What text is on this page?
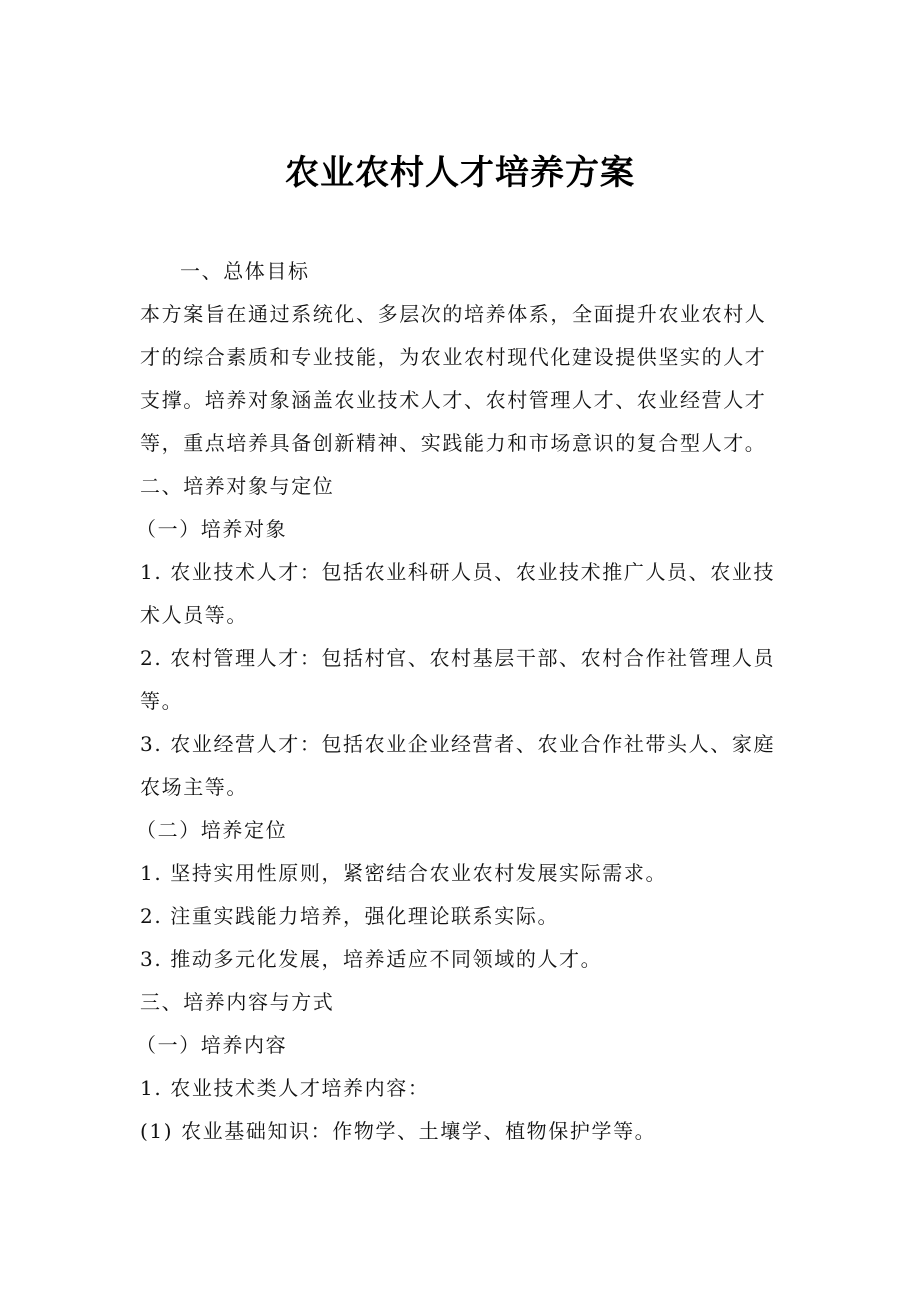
农业农村人才培养方案
一、总体目标
本方案旨在通过系统化、多层次的培养体系，全面提升农业农村人
才的综合素质和专业技能，为农业农村现代化建设提供坚实的人才
支撑。培养对象涵盖农业技术人才、农村管理人才、农业经营人才
等，重点培养具备创新精神、实践能力和市场意识的复合型人才。
二、培养对象与定位
（一）培养对象
1. 农业技术人才：包括农业科研人员、农业技术推广人员、农业技
术人员等。
2. 农村管理人才：包括村官、农村基层干部、农村合作社管理人员
等。
3. 农业经营人才：包括农业企业经营者、农业合作社带头人、家庭
农场主等。
（二）培养定位
1. 坚持实用性原则，紧密结合农业农村发展实际需求。
2. 注重实践能力培养，强化理论联系实际。
3. 推动多元化发展，培养适应不同领域的人才。
三、培养内容与方式
（一）培养内容
1. 农业技术类人才培养内容：
(1) 农业基础知识：作物学、土壤学、植物保护学等。
